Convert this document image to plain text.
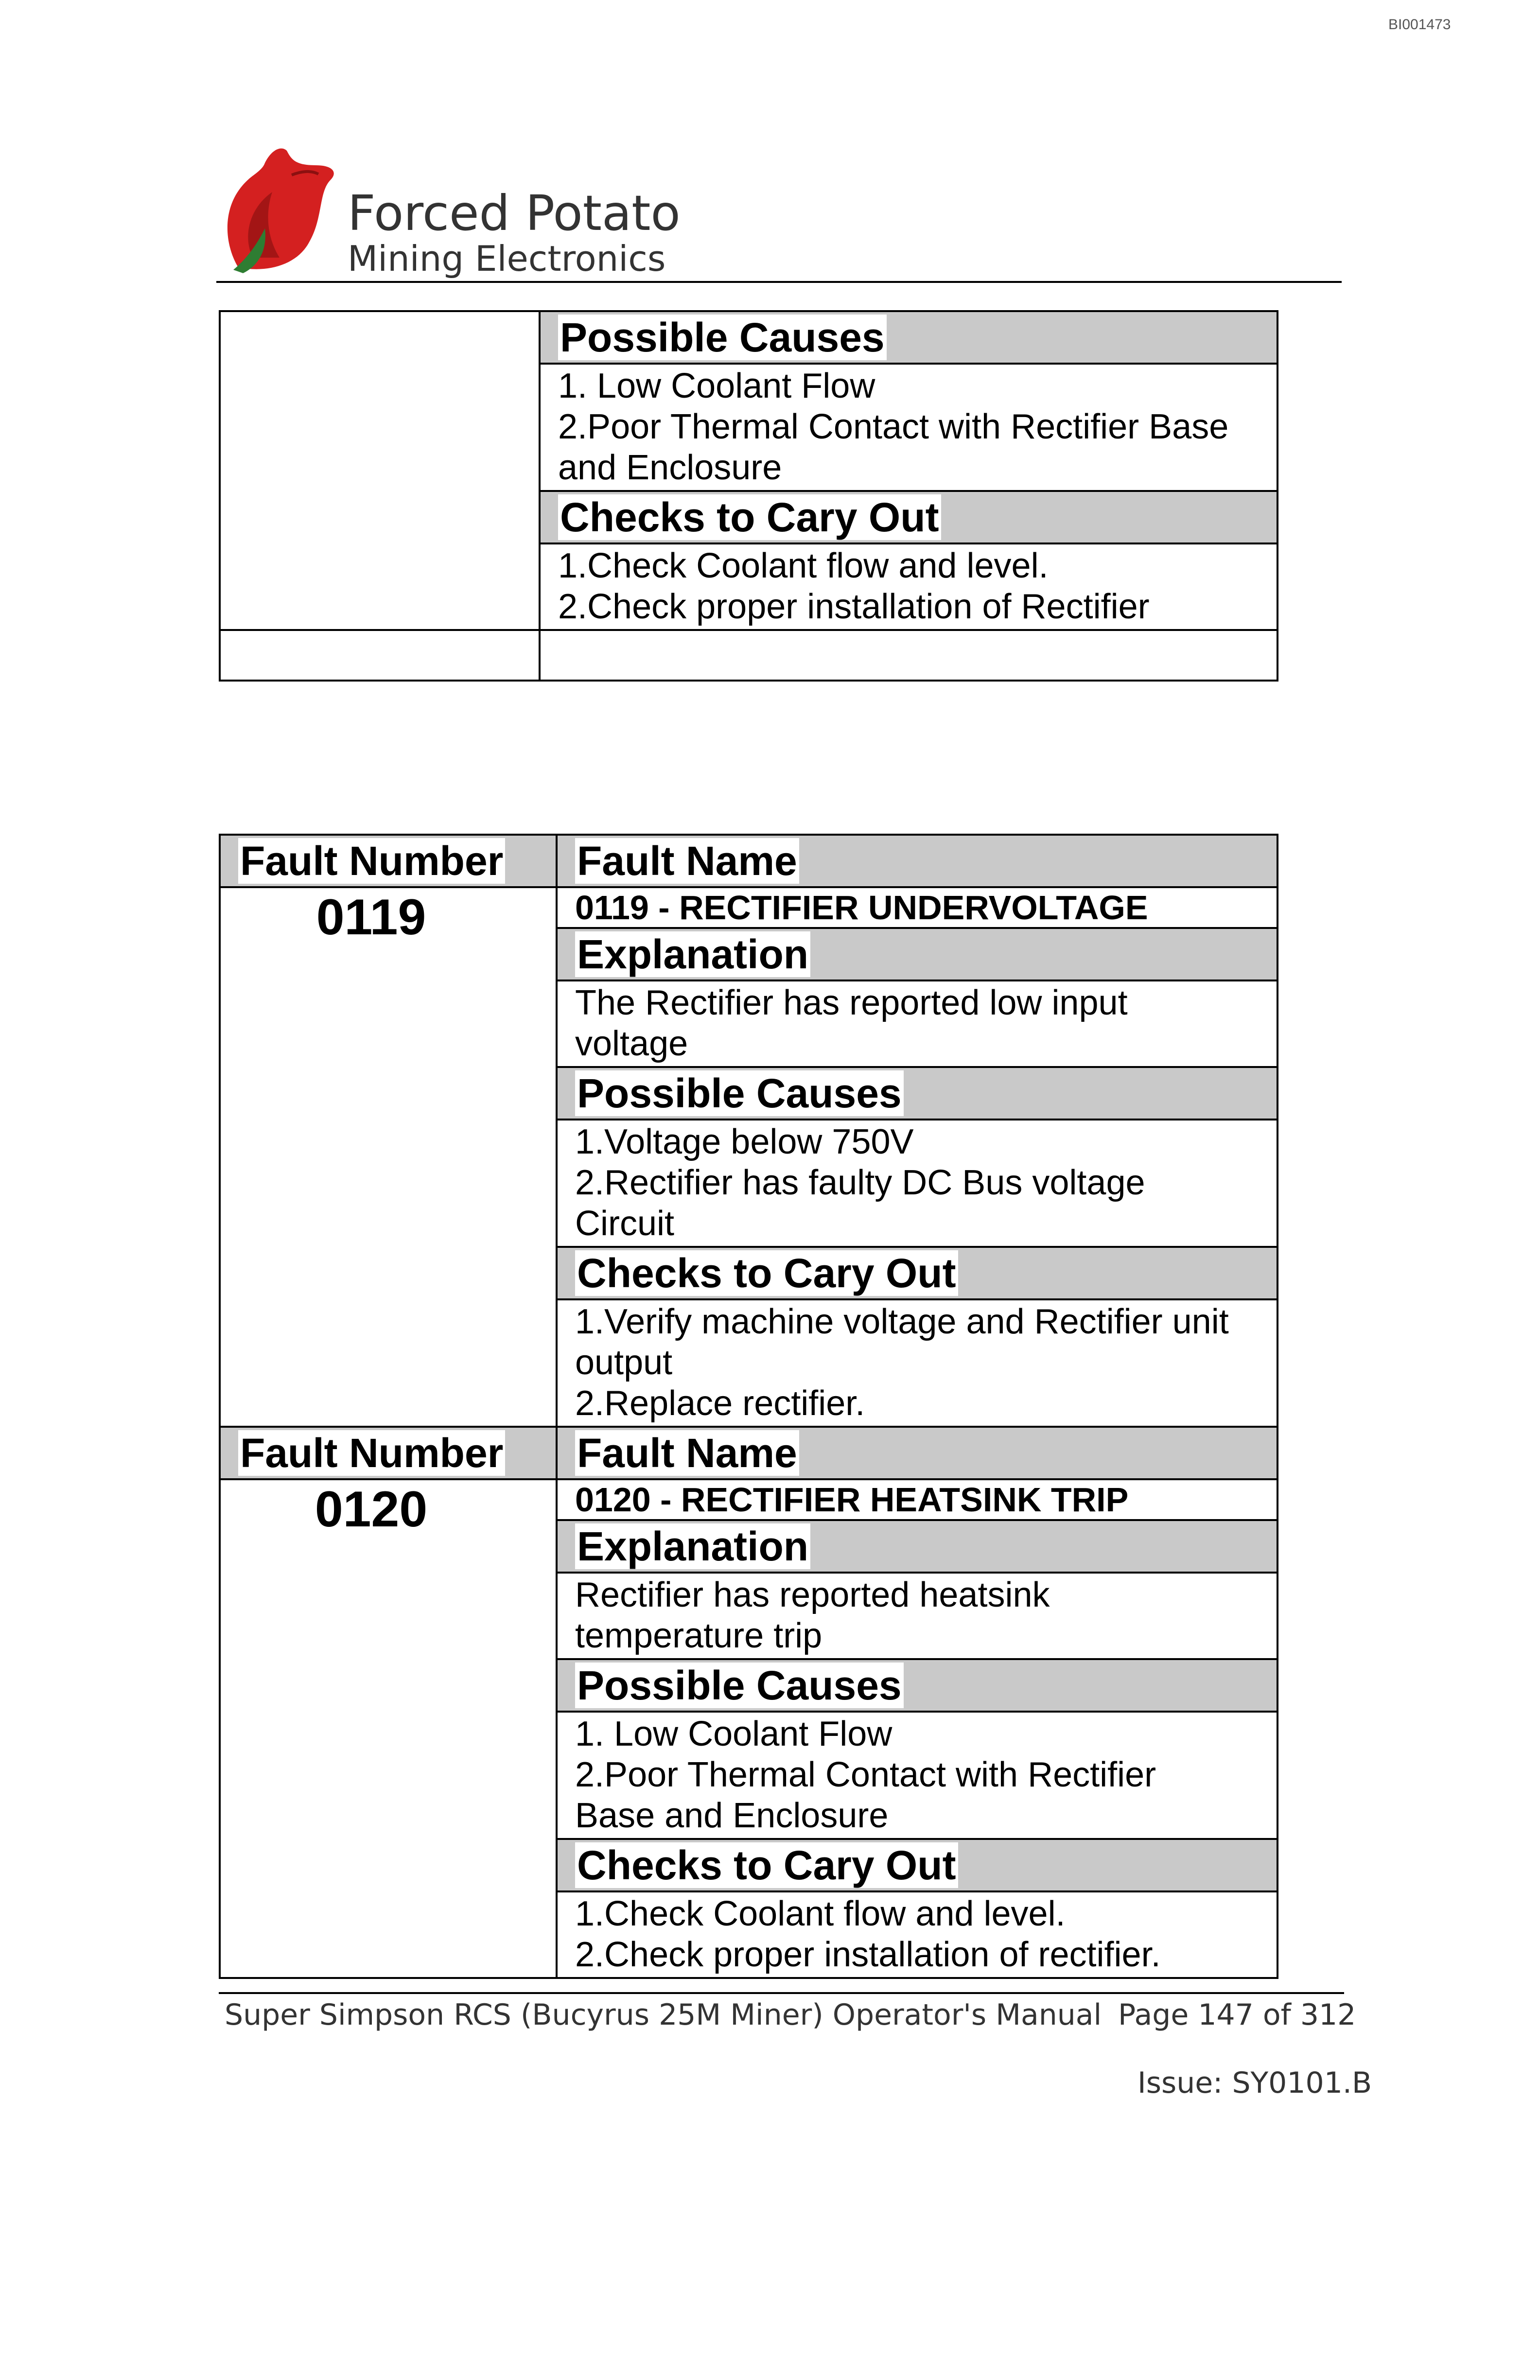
BI001473
Forced Potato
Mining Electronics
	Possible Causes

	1. Low Coolant Flow
2.Poor Thermal Contact with Rectifier Base
and Enclosure

	Checks to Cary Out

	1.Check Coolant flow and level.
2.Check proper installation of Rectifier

Fault Number	Fault Name

0119	0119 - RECTIFIER UNDERVOLTAGE
	Explanation

	The Rectifier has reported low input
voltage

	Possible Causes

	1.Voltage below 750V
2.Rectifier has faulty DC Bus voltage
Circuit

	Checks to Cary Out

	1.Verify machine voltage and Rectifier unit
output
2.Replace rectifier.

Fault Number	Fault Name

0120	0120 - RECTIFIER HEATSINK TRIP
	Explanation

	Rectifier has reported heatsink
temperature trip

	Possible Causes

	1. Low Coolant Flow
2.Poor Thermal Contact with Rectifier
Base and Enclosure

	Checks to Cary Out

	1.Check Coolant flow and level.
2.Check proper installation of rectifier.

Super Simpson RCS (Bucyrus 25M Miner) Operator's Manual Page 147 of 312
Issue: SY0101.B
